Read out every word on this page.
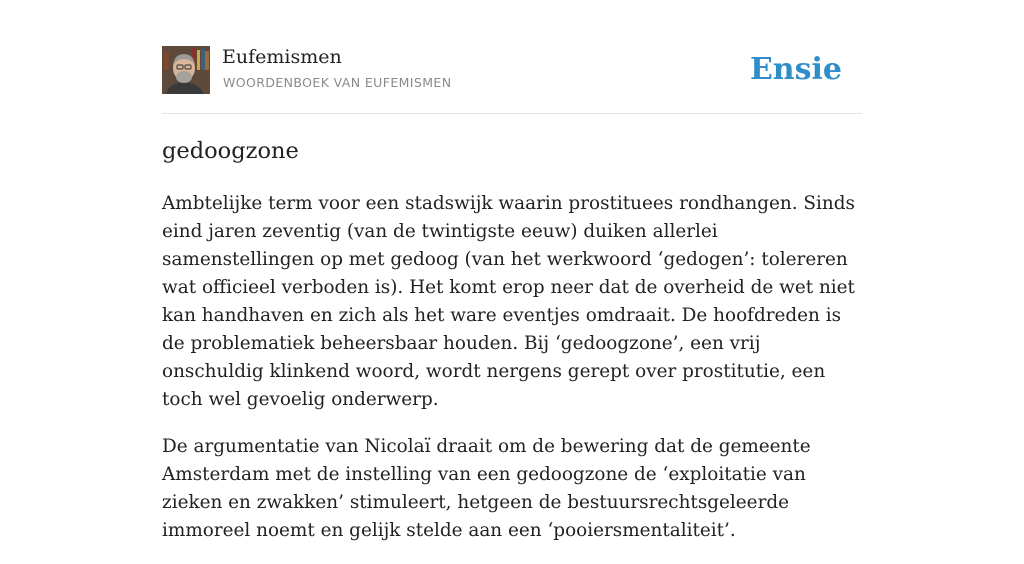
Eufemismen
WOORDENBOEK VAN EUFEMISMEN	Ensie
gedoogzone

Ambtelijke term voor een stadswijk waarin prostituees rondhangen. Sinds eind jaren zeventig (van de twintigste eeuw) duiken allerlei samenstellingen op met gedoog (van het werkwoord ‘gedogen’: tolereren wat officieel verboden is). Het komt erop neer dat de overheid de wet niet kan handhaven en zich als het ware eventjes omdraait. De hoofdreden is de problematiek beheersbaar houden. Bij ‘gedoogzone’, een vrij onschuldig klinkend woord, wordt nergens gerept over prostitutie, een toch wel gevoelig onderwerp.

De argumentatie van Nicolaï draait om de bewering dat de gemeente Amsterdam met de instelling van een gedoogzone de ‘exploitatie van zieken en zwakken’ stimuleert, hetgeen de bestuursrechtsgeleerde immoreel noemt en gelijk stelde aan een ‘pooiersmentaliteit’.
